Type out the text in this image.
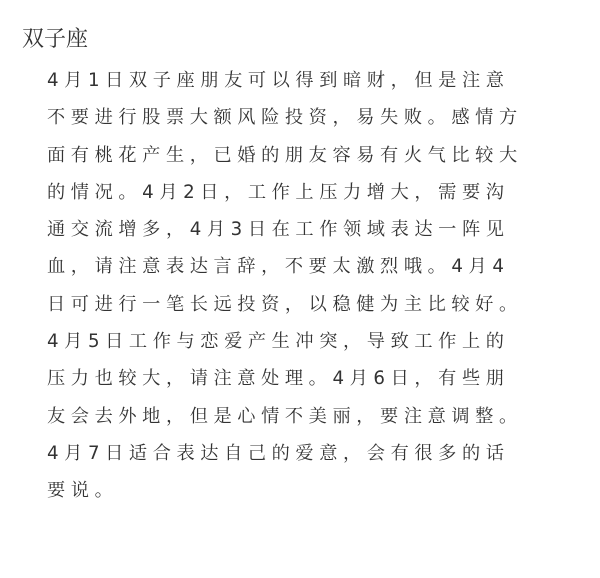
双子座
4月1日双子座朋友可以得到暗财，但是注意
不要进行股票大额风险投资，易失败。感情方
面有桃花产生，已婚的朋友容易有火气比较大
的情况。4月2日，工作上压力增大，需要沟
通交流增多，4月3日在工作领域表达一阵见
血，请注意表达言辞，不要太激烈哦。4月4
日可进行一笔长远投资，以稳健为主比较好。
4月5日工作与恋爱产生冲突，导致工作上的
压力也较大，请注意处理。4月6日，有些朋
友会去外地，但是心情不美丽，要注意调整。
4月7日适合表达自己的爱意，会有很多的话
要说。
